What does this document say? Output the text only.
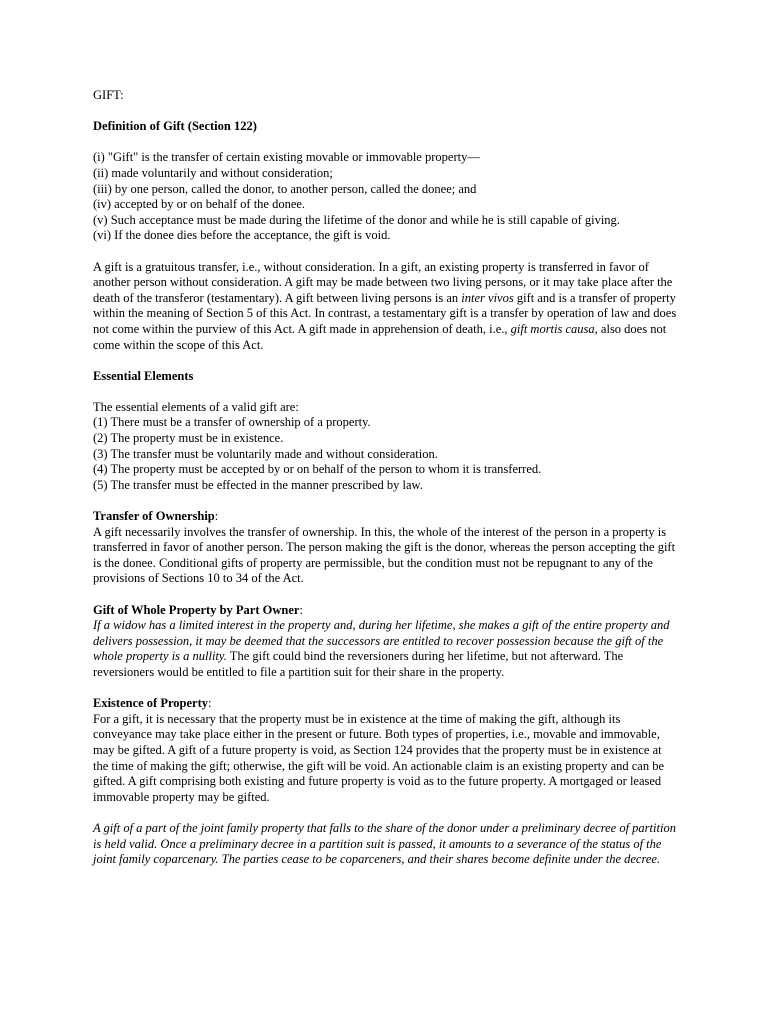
GIFT:

Definition of Gift (Section 122)

(i) "Gift" is the transfer of certain existing movable or immovable property—
(ii) made voluntarily and without consideration;
(iii) by one person, called the donor, to another person, called the donee; and
(iv) accepted by or on behalf of the donee.
(v) Such acceptance must be made during the lifetime of the donor and while he is still capable of giving.
(vi) If the donee dies before the acceptance, the gift is void.

A gift is a gratuitous transfer, i.e., without consideration. In a gift, an existing property is transferred in favor of another person without consideration. A gift may be made between two living persons, or it may take place after the death of the transferor (testamentary). A gift between living persons is an inter vivos gift and is a transfer of property within the meaning of Section 5 of this Act. In contrast, a testamentary gift is a transfer by operation of law and does not come within the purview of this Act. A gift made in apprehension of death, i.e., gift mortis causa, also does not come within the scope of this Act.

Essential Elements

The essential elements of a valid gift are:
(1) There must be a transfer of ownership of a property.
(2) The property must be in existence.
(3) The transfer must be voluntarily made and without consideration.
(4) The property must be accepted by or on behalf of the person to whom it is transferred.
(5) The transfer must be effected in the manner prescribed by law.
Transfer of Ownership:

A gift necessarily involves the transfer of ownership. In this, the whole of the interest of the person in a property is transferred in favor of another person. The person making the gift is the donor, whereas the person accepting the gift is the donee. Conditional gifts of property are permissible, but the condition must not be repugnant to any of the provisions of Sections 10 to 34 of the Act.

Gift of Whole Property by Part Owner:

If a widow has a limited interest in the property and, during her lifetime, she makes a gift of the entire property and delivers possession, it may be deemed that the successors are entitled to recover possession because the gift of the whole property is a nullity. The gift could bind the reversioners during her lifetime, but not afterward. The reversioners would be entitled to file a partition suit for their share in the property.

Existence of Property:

For a gift, it is necessary that the property must be in existence at the time of making the gift, although its conveyance may take place either in the present or future. Both types of properties, i.e., movable and immovable, may be gifted. A gift of a future property is void, as Section 124 provides that the property must be in existence at the time of making the gift; otherwise, the gift will be void. An actionable claim is an existing property and can be gifted. A gift comprising both existing and future property is void as to the future property. A mortgaged or leased immovable property may be gifted.

A gift of a part of the joint family property that falls to the share of the donor under a preliminary decree of partition is held valid. Once a preliminary decree in a partition suit is passed, it amounts to a severance of the status of the joint family coparcenary. The parties cease to be coparceners, and their shares become definite under the decree.
